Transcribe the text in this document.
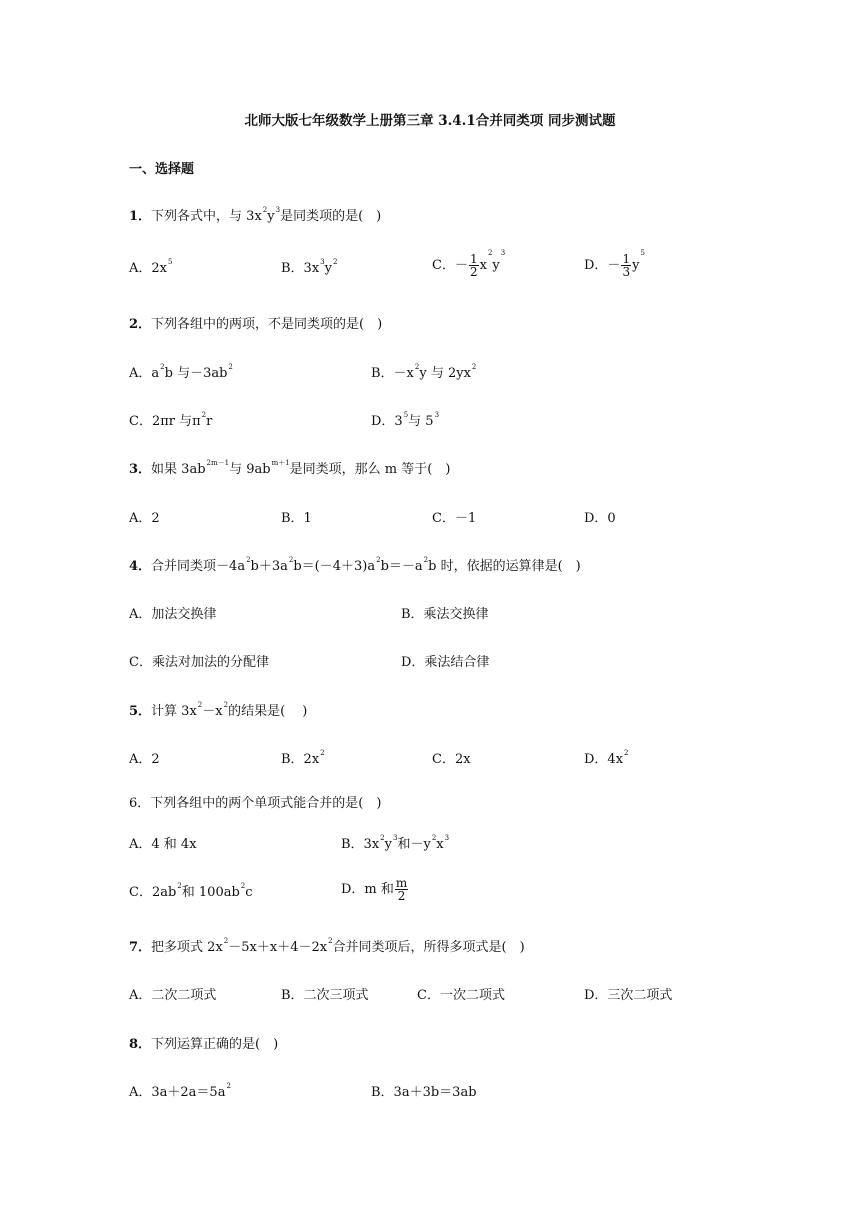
北师大版七年级数学上册第三章 3.4.1合并同类项 同步测试题
一、选择题
1．下列各式中，与 $3x^2y^3$是同类项的是(　)
A．$2x^5$	B．$3x^3y^2$	C．－ $\frac{1}{2} x^2y^3$
D．－ $\frac{1}{3} y^5$
2．下列各组中的两项，不是同类项的是(　)
A．$a^2b$ 与$-3ab^2$	B．$-x^2y$ 与 $2yx^2$
C．2πr 与$\pi^2r$	D．$3^5$与 $5^3$
3．如果 $3ab^{2m-1}$与 $9ab^{m+1}$是同类项，那么 m 等于(　)
A．2	B．1	C．－1	D．0
4．合并同类项$-4a^2b+3a^2b=(-4+3)a^2b=-a^2b$ 时，依据的运算律是(　)
A．加法交换律	B．乘法交换律
C．乘法对加法的分配律	D．乘法结合律
5．计算 $3x^2-x^2$的结果是(　 )
A．2	B．$2x^2$	C．2x	D．$4x^2$
6．下列各组中的两个单项式能合并的是(　)
A．4 和 4x	B．$3x^2y^3$和$-y^2x^3$
C．$2ab^2$和 $100ab^2c$	D．m 和 $\frac{m}{2}$
7．把多项式 $2x^2-5x+x+4-2x^2$合并同类项后，所得多项式是(　)
A．二次二项式	B．二次三项式	C．一次二项式	D．三次二项式
8．下列运算正确的是(　)
A．$3a+2a=5a^2$	B．3a＋3b＝3ab
